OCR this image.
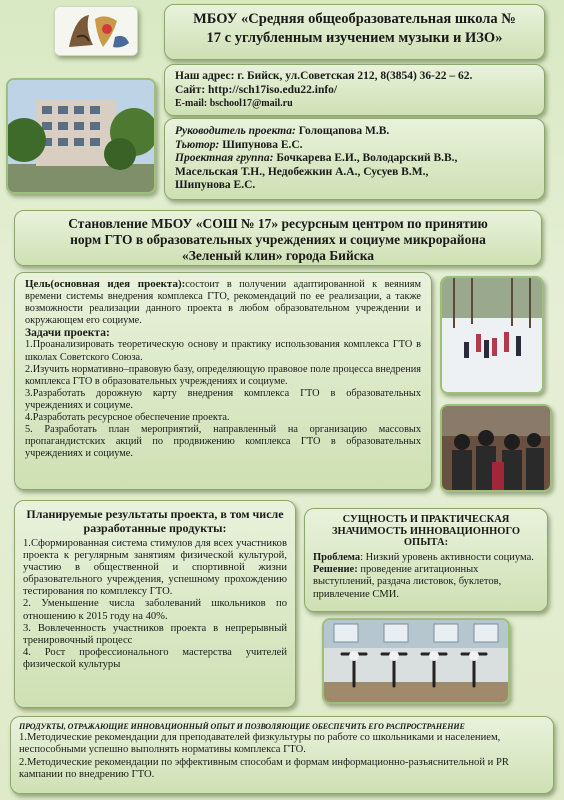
МБОУ «Средняя общеобразовательная школа №

17 с углубленным изучением музыки и ИЗО»

Наш адрес: г. Бийск, ул.Советская 212, 8(3854) 36-22 – 62.

Сайт: http://sch17iso.edu22.info/

E-mail: bschool17@mail.ru

Руководитель проекта: Голощапова М.В.

Тьютор: Шипунова Е.С.

Проектная группа: Бочкарева Е.И., Володарский В.В.,

Масельская Т.Н., Недобежкин А.А., Сусуев В.М.,

Шипунова Е.С.

Становление МБОУ «СОШ № 17» ресурсным центром по принятию

норм ГТО в образовательных учреждениях и социуме микрорайона

«Зеленый клин» города Бийска

Цель(основная идея проекта):состоит в получении адаптированной к веяниям времени системы внедрения комплекса ГТО, рекомендаций по ее реализации, а также возможности реализации данного проекта в любом образовательном учреждении и окружающем его социуме.

Задачи проекта:

1.Проанализировать теоретическую основу и практику использования комплекса ГТО в школах Советского Союза.

2.Изучить нормативно–правовую базу, определяющую правовое поле процесса внедрения комплекса ГТО в образовательных учреждениях и социуме.

3.Разработать дорожную карту внедрения комплекса ГТО в образовательных учреждениях и социуме.

4.Разработать ресурсное обеспечение проекта.

5. Разработать план мероприятий, направленный на организацию массовых пропагандистских акций по продвижению комплекса ГТО в образовательных учреждениях и социуме.

Планируемые результаты проекта, в том числе разработанные продукты:

1.Сформированная система стимулов для всех участников проекта к регулярным занятиям физической культурой, участию в общественной и спортивной жизни образовательного учреждения, успешному прохождению тестирования по комплексу ГТО.

2. Уменьшение числа заболеваний школьников по отношению к 2015 году на 40%.

3. Вовлеченность участников проекта в непрерывный тренировочный процесс

4. Рост профессионального мастерства учителей физической культуры

СУЩНОСТЬ И ПРАКТИЧЕСКАЯ ЗНАЧИМОСТЬ ИННОВАЦИОННОГО ОПЫТА:

Проблема: Низкий уровень активности социума.

Решение: проведение агитационных выступлений, раздача листовок, буклетов, привлечение СМИ.

ПРОДУКТЫ, ОТРАЖАЮЩИЕ ИННОВАЦИОННЫЙ ОПЫТ И ПОЗВОЛЯЮЩИЕ ОБЕСПЕЧИТЬ ЕГО РАСПРОСТРАНЕНИЕ

1.Методические рекомендации для преподавателей физкультуры по работе со школьниками и населением, неспособными успешно выполнять нормативы комплекса ГТО.

2.Методические рекомендации по эффективным способам и формам информационно-разъяснительной и PR кампании по внедрению ГТО.
